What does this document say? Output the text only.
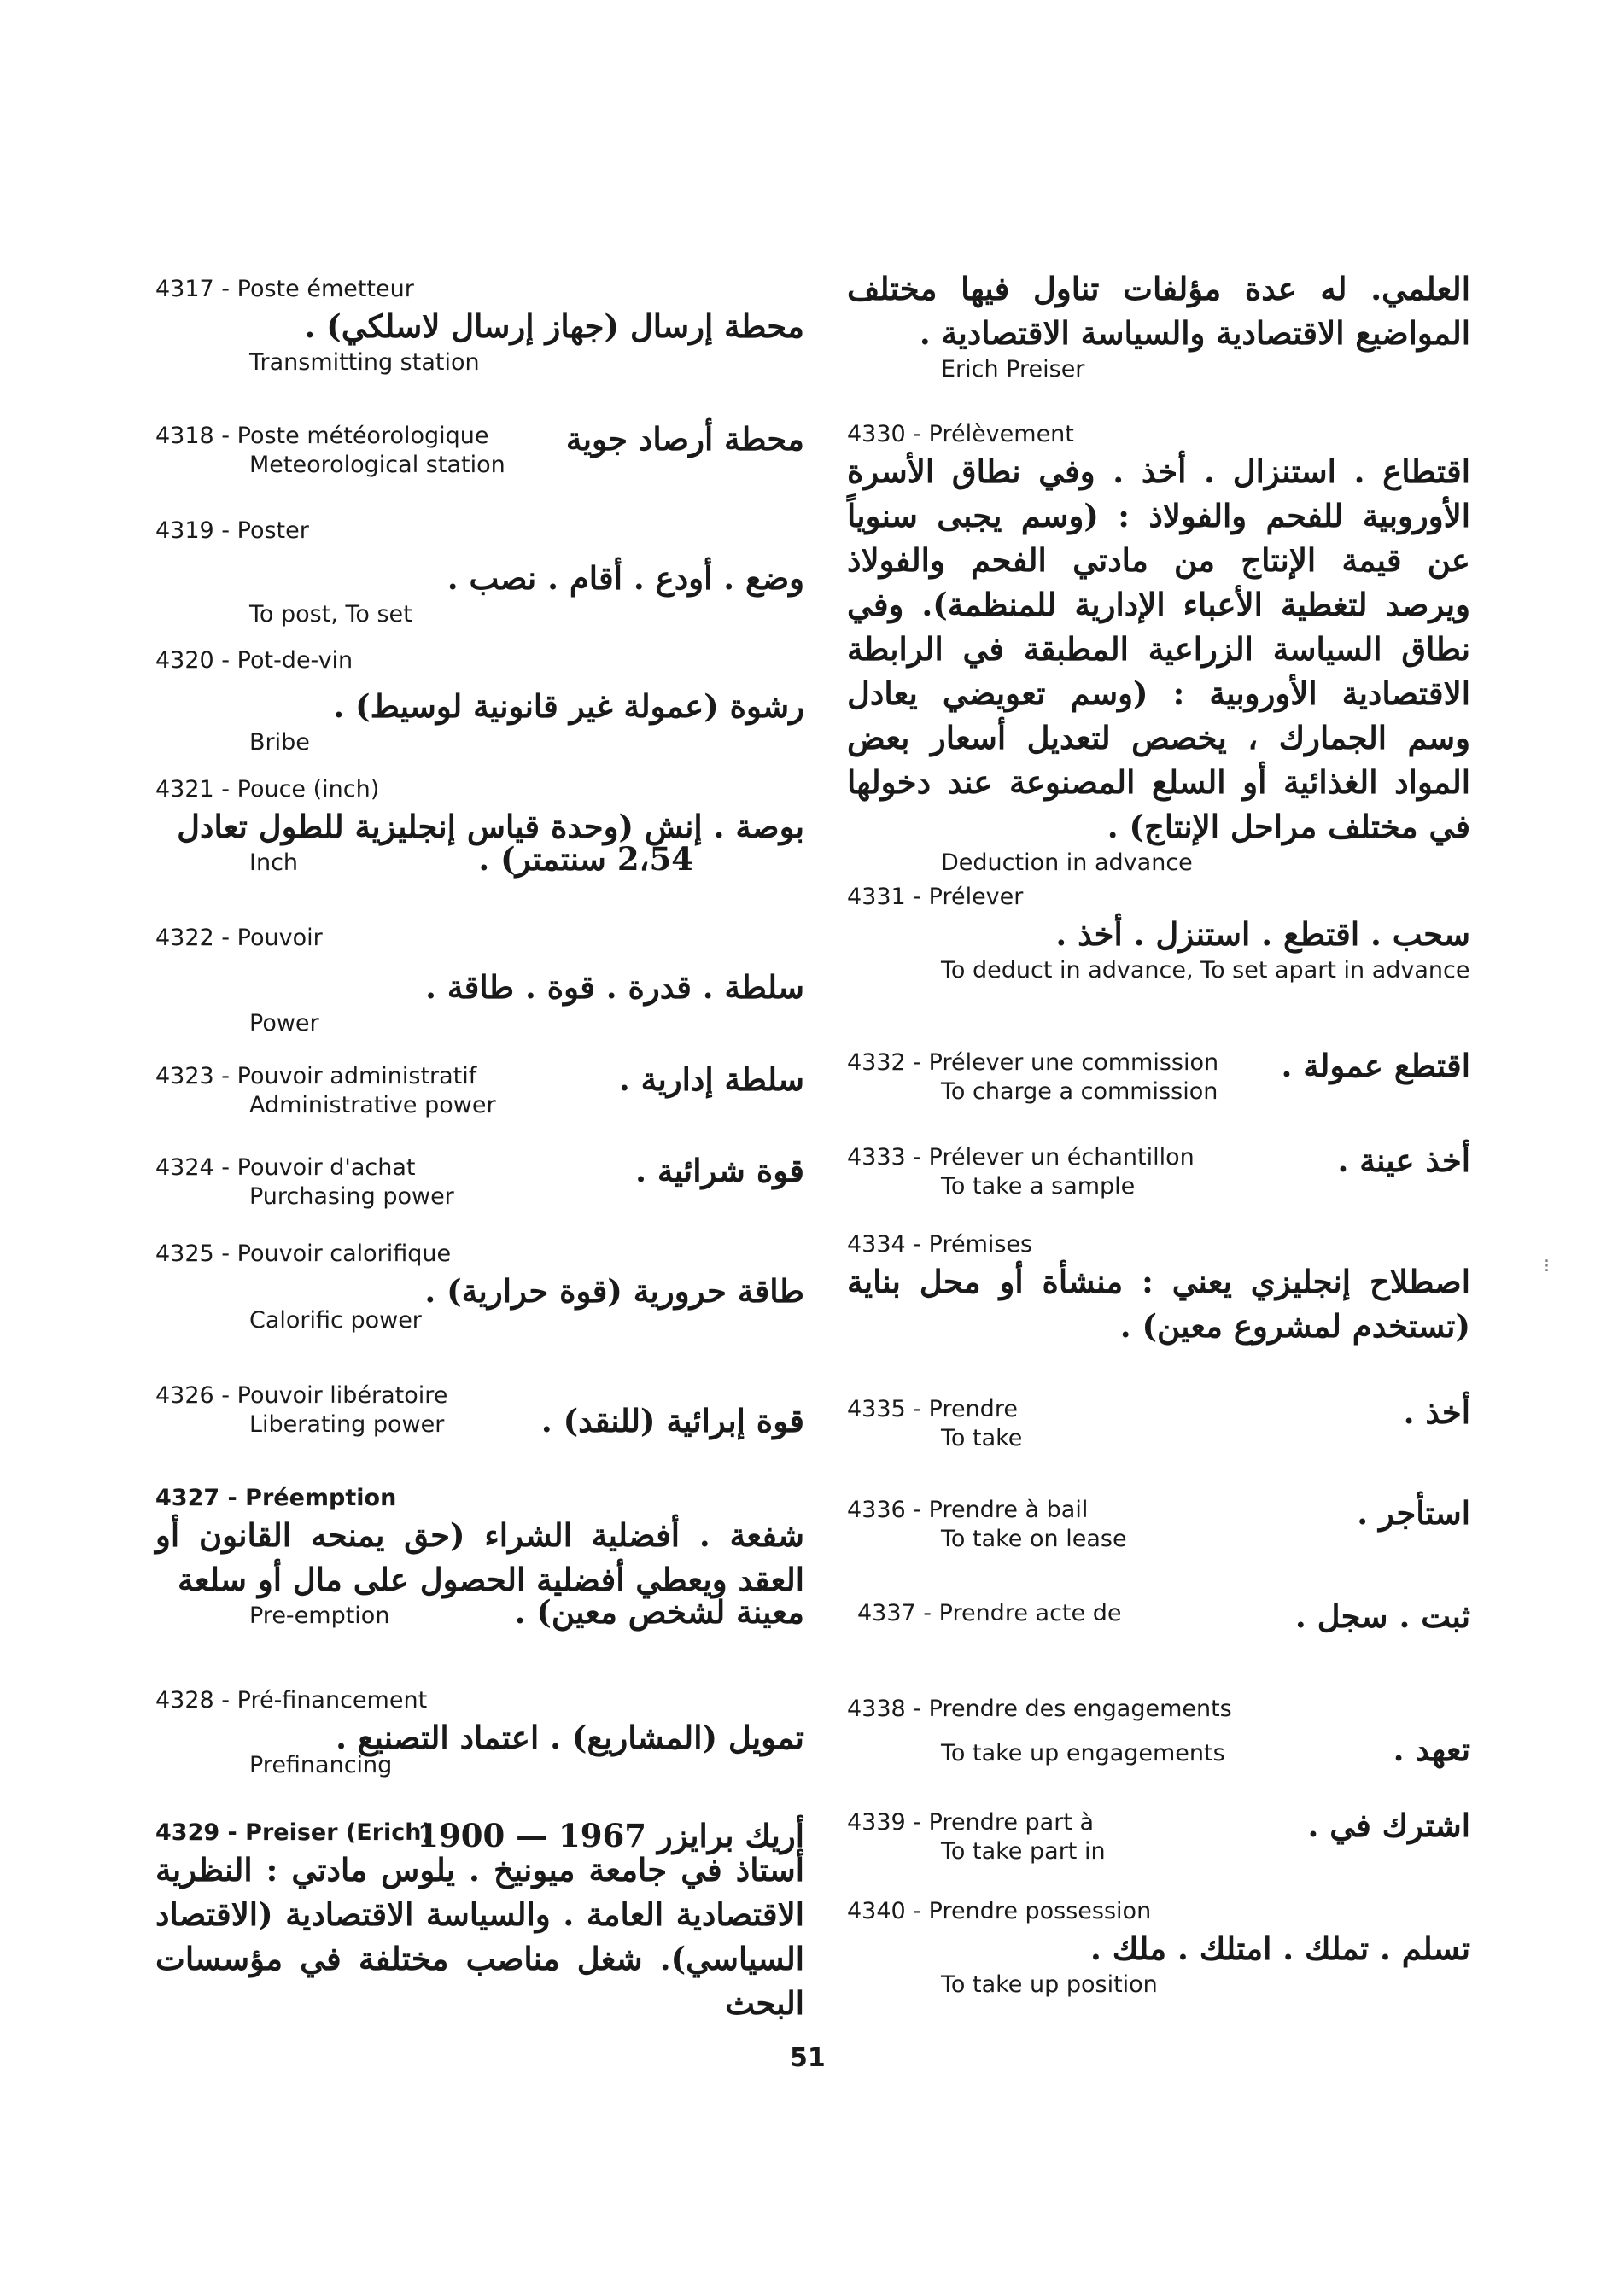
4317 - Poste émetteur
محطة إرسال (جهاز إرسال لاسلكي) .
Transmitting station
4318 - Poste météorologique	محطة أرصاد جوية
Meteorological station
4319 - Poster
وضع . أودع . أقام . نصب .
To post, To set
4320 - Pot-de-vin
رشوة (عمولة غير قانونية لوسيط) .
Bribe
4321 - Pouce (inch)
بوصة . إنش (وحدة قياس إنجليزية للطول تعادل
Inch	2،54 سنتمتر) .
4322 - Pouvoir
سلطة . قدرة . قوة . طاقة .
Power
4323 - Pouvoir administratif	سلطة إدارية .
Administrative power
4324 - Pouvoir d'achat	قوة شرائية .
Purchasing power
4325 - Pouvoir calorifique
طاقة حرورية (قوة حرارية) .
Calorific power
4326 - Pouvoir libératoire
Liberating power	قوة إبرائية (للنقد) .
4327 - Préemption
شفعة . أفضلية الشراء (حق يمنحه القانون أو العقد ويعطي أفضلية الحصول على مال أو سلعة
Pre-emption	معينة لشخص معين) .
4328 - Pré-financement
تمويل (المشاريع) . اعتماد التصنيع .
Prefinancing
4329 - Preiser (Erich)
أريك برايزر 1967 — 1900
أستاذ في جامعة ميونيخ . يلوس مادتي : النظرية الاقتصادية العامة . والسياسة الاقتصادية (الاقتصاد السياسي). شغل مناصب مختلفة في مؤسسات البحث
العلمي. له عدة مؤلفات تناول فيها مختلف المواضيع الاقتصادية والسياسة الاقتصادية .
Erich Preiser
4330 - Prélèvement
اقتطاع . استنزال . أخذ . وفي نطاق الأسرة الأوروبية للفحم والفولاذ : (وسم يجبى سنوياً عن قيمة الإنتاج من مادتي الفحم والفولاذ ويرصد لتغطية الأعباء الإدارية للمنظمة). وفي نطاق السياسة الزراعية المطبقة في الرابطة الاقتصادية الأوروبية : (وسم تعويضي يعادل وسم الجمارك ، يخصص لتعديل أسعار بعض المواد الغذائية أو السلع المصنوعة عند دخولها في مختلف مراحل الإنتاج) .
Deduction in advance
4331 - Prélever
سحب . اقتطع . استنزل . أخذ .
To deduct in advance, To set apart in advance
4332 - Prélever une commission	اقتطع عمولة .
To charge a commission
4333 - Prélever un échantillon	أخذ عينة .
To take a sample
4334 - Prémises
اصطلاح إنجليزي يعني : منشأة أو محل بناية (تستخدم لمشروع معين) .
4335 - Prendre	أخذ .
To take
4336 - Prendre à bail	استأجر .
To take on lease
4337 - Prendre acte de	ثبت . سجل .
4338 - Prendre des engagements
To take up engagements	تعهد .
4339 - Prendre part à	اشترك في .
To take part in
4340 - Prendre possession
تسلم . تملك . امتلك . ملك .
To take up position
⁝
51
